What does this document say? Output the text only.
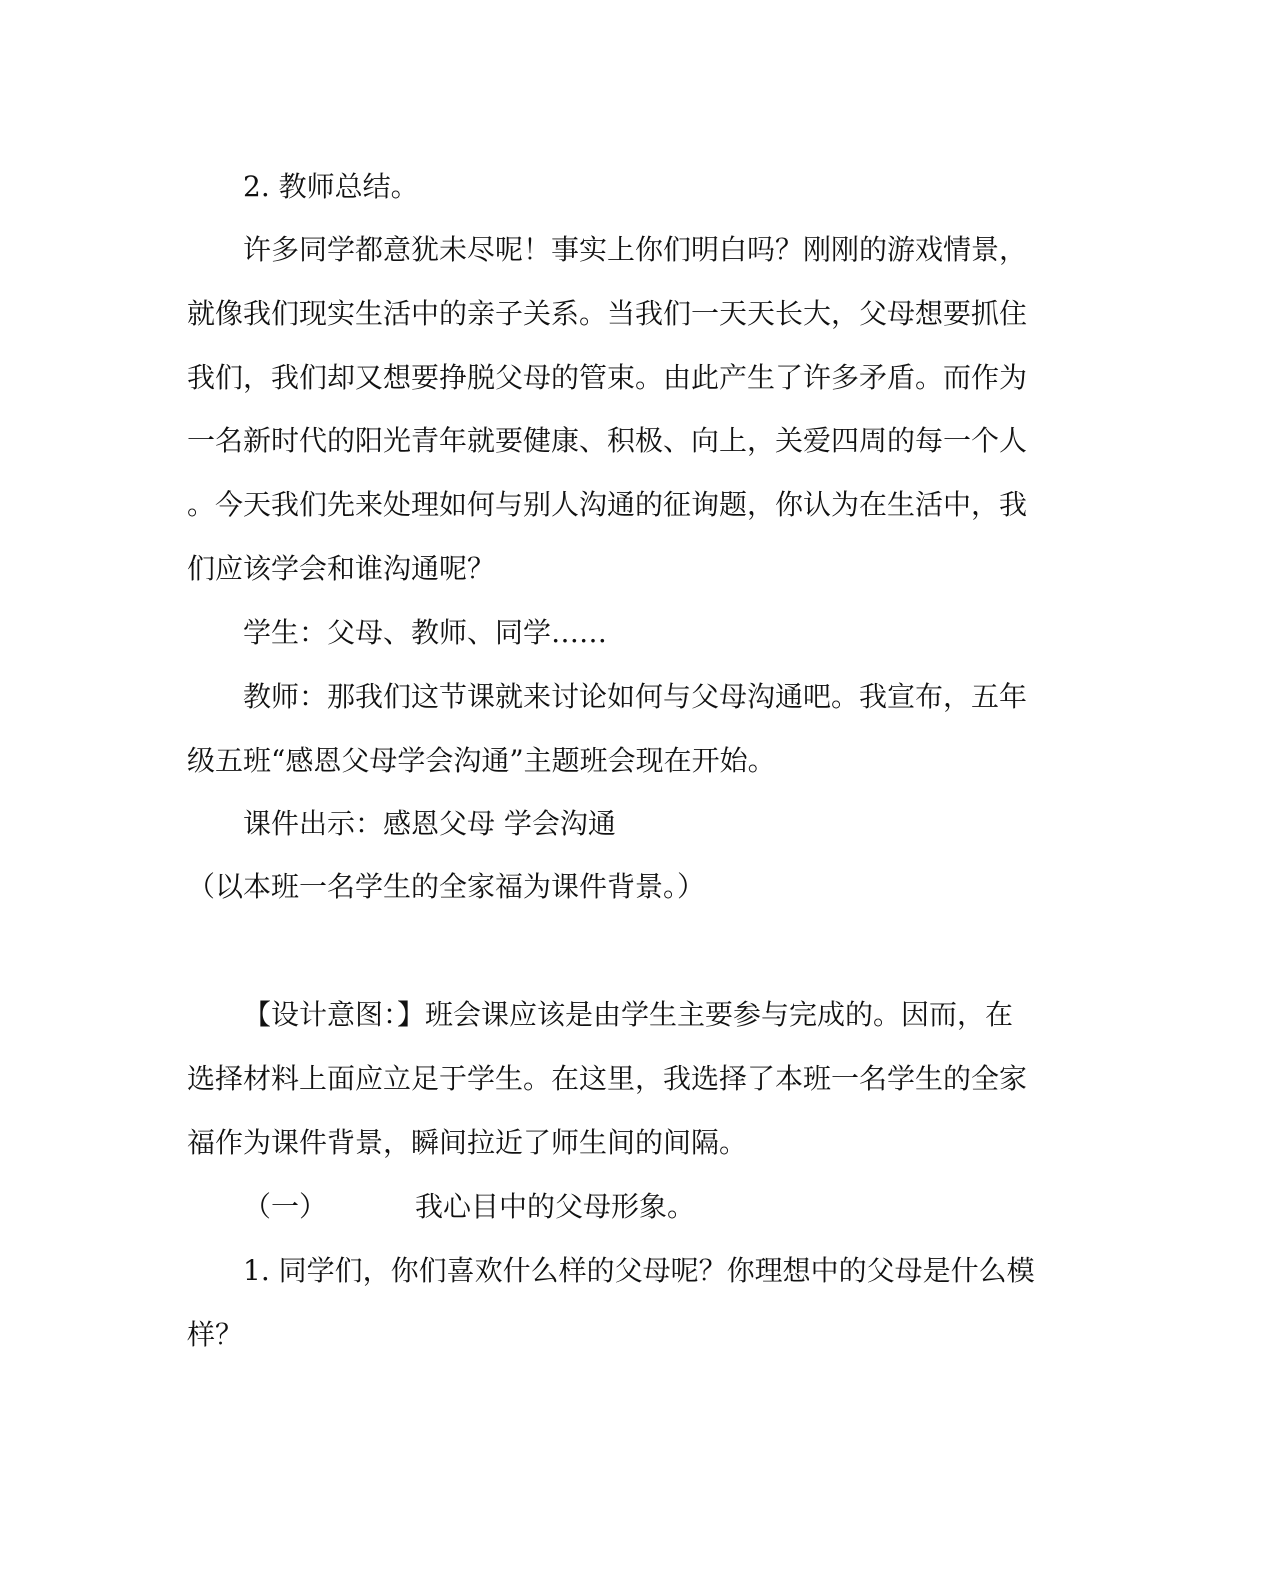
2. 教师总结。
许多同学都意犹未尽呢！事实上你们明白吗？刚刚的游戏情景，
就像我们现实生活中的亲子关系。当我们一天天长大，父母想要抓住
我们，我们却又想要挣脱父母的管束。由此产生了许多矛盾。而作为
一名新时代的阳光青年就要健康、积极、向上，关爱四周的每一个人
。今天我们先来处理如何与别人沟通的征询题，你认为在生活中，我
们应该学会和谁沟通呢？
学生：父母、教师、同学……
教师：那我们这节课就来讨论如何与父母沟通吧。我宣布，五年
级五班“感恩父母学会沟通”主题班会现在开始。
课件出示：感恩父母 学会沟通
（以本班一名学生的全家福为课件背景。）
【设计意图：】班会课应该是由学生主要参与完成的。因而，在
选择材料上面应立足于学生。在这里，我选择了本班一名学生的全家
福作为课件背景，瞬间拉近了师生间的间隔。
（一）	我心目中的父母形象。
1. 同学们，你们喜欢什么样的父母呢？你理想中的父母是什么模
样？
